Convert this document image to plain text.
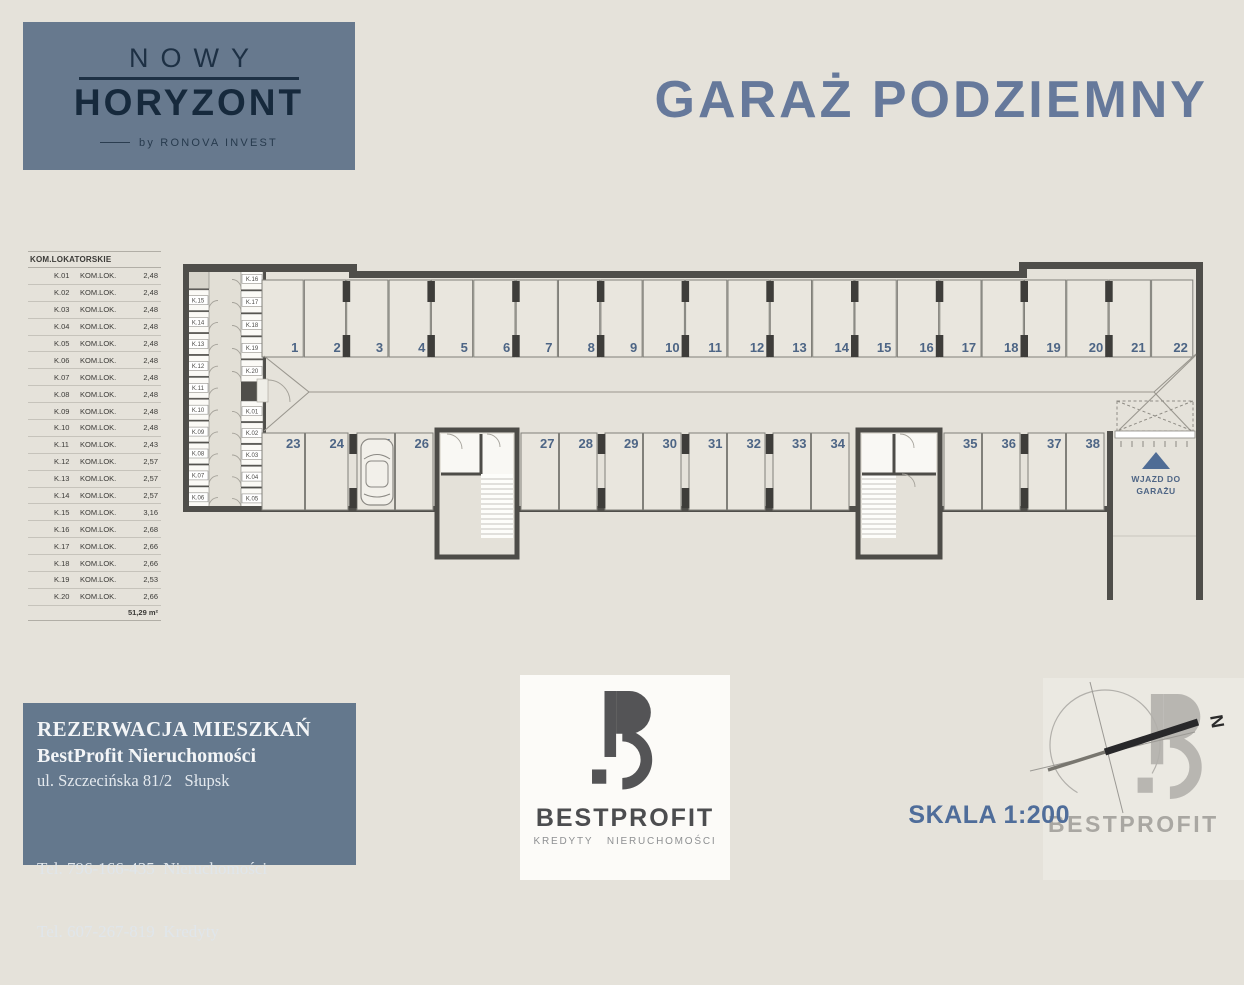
NOWY
HORYZONT
by RONOVA INVEST
GARAŻ PODZIEMNY
KOM.LOKATORSKIE
K.01	KOM.LOK.	2,48
K.02	KOM.LOK.	2,48
K.03	KOM.LOK.	2,48
K.04	KOM.LOK.	2,48
K.05	KOM.LOK.	2,48
K.06	KOM.LOK.	2,48
K.07	KOM.LOK.	2,48
K.08	KOM.LOK.	2,48
K.09	KOM.LOK.	2,48
K.10	KOM.LOK.	2,48
K.11	KOM.LOK.	2,43
K.12	KOM.LOK.	2,57
K.13	KOM.LOK.	2,57
K.14	KOM.LOK.	2,57
K.15	KOM.LOK.	3,16
K.16	KOM.LOK.	2,68
K.17	KOM.LOK.	2,66
K.18	KOM.LOK.	2,66
K.19	KOM.LOK.	2,53
K.20	KOM.LOK.	2,66
51,29 m²
K.15
K.14
K.13
K.12
K.11
K.10
K.09
K.08
K.07
K.06
K.16
K.17
K.18
K.19
K.20
K.01
K.02
K.03
K.04
K.05
1	2	3	4	5	6	7	8	9 10 11 12 13 14 15 16 17 18 19 20 21 22
23 24	26	27 28 29 30 31 32 33 34	35 36 37 38
WJAZD DO
GARAŻU
REZERWACJA MIESZKAŃ
BestProfit Nieruchomości
ul. Szczecińska 81/2   Słupsk

Tel. 796-166-435  Nieruchomości

Tel. 607-267-819  Kredyty

BESTPROFIT
KREDYTY   NIERUCHOMOŚCI
SKALA 1:200
N
BESTPROFIT
